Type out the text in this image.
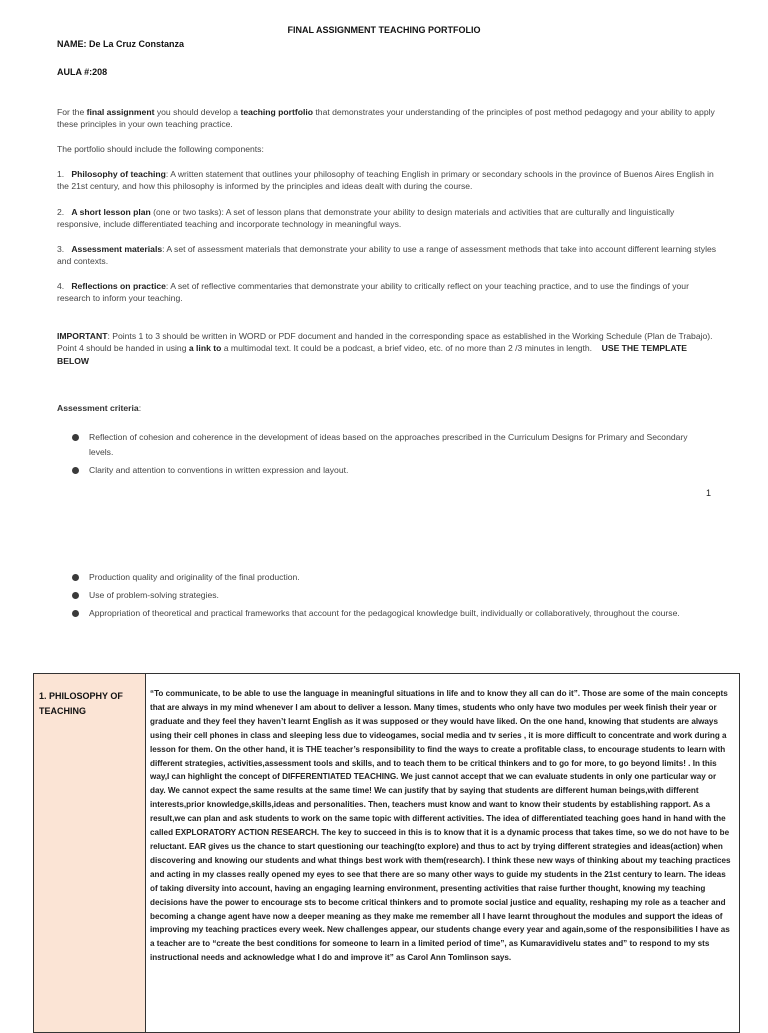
FINAL ASSIGNMENT TEACHING PORTFOLIO
NAME: De La Cruz Constanza
AULA #:208
For the final assignment you should develop a teaching portfolio that demonstrates your understanding of the principles of post method pedagogy and your ability to apply these principles in your own teaching practice.
The portfolio should include the following components:
1. Philosophy of teaching: A written statement that outlines your philosophy of teaching English in primary or secondary schools in the province of Buenos Aires English in the 21st century, and how this philosophy is informed by the principles and ideas dealt with during the course.
2. A short lesson plan (one or two tasks): A set of lesson plans that demonstrate your ability to design materials and activities that are culturally and linguistically responsive, include differentiated teaching and incorporate technology in meaningful ways.
3. Assessment materials: A set of assessment materials that demonstrate your ability to use a range of assessment methods that take into account different learning styles and contexts.
4. Reflections on practice: A set of reflective commentaries that demonstrate your ability to critically reflect on your teaching practice, and to use the findings of your research to inform your teaching.
IMPORTANT: Points 1 to 3 should be written in WORD or PDF document and handed in the corresponding space as established in the Working Schedule (Plan de Trabajo).
Point 4 should be handed in using a link to a multimodal text. It could be a podcast, a brief video, etc. of no more than 2 /3 minutes in length. USE THE TEMPLATE BELOW
Assessment criteria:
Reflection of cohesion and coherence in the development of ideas based on the approaches prescribed in the Curriculum Designs for Primary and Secondary levels.
Clarity and attention to conventions in written expression and layout.
1
Production quality and originality of the final production.
Use of problem-solving strategies.
Appropriation of theoretical and practical frameworks that account for the pedagogical knowledge built, individually or collaboratively, throughout the course.
1. PHILOSOPHY OF TEACHING
“To communicate, to be able to use the language in meaningful situations in life and to know they all can do it”. Those are some of the main concepts that are always in my mind whenever I am about to deliver a lesson. Many times, students who only have two modules per week finish their year or graduate and they feel they haven’t learnt English as it was supposed or they would have liked. On the one hand, knowing that students are always using their cell phones in class and sleeping less due to videogames, social media and tv series , it is more difficult to concentrate and work during a lesson for them. On the other hand, it is THE teacher’s responsibility to find the ways to create a profitable class, to encourage students to learn with different strategies, activities,assessment tools and skills, and to teach them to be critical thinkers and to go for more, to go beyond limits! . In this way,I can highlight the concept of DIFFERENTIATED TEACHING. We just cannot accept that we can evaluate students in only one particular way or day. We cannot expect the same results at the same time! We can justify that by saying that students are different human beings,with different interests,prior knowledge,skills,ideas and personalities. Then, teachers must know and want to know their students by establishing rapport. As a result,we can plan and ask students to work on the same topic with different activities. The idea of differentiated teaching goes hand in hand with the called EXPLORATORY ACTION RESEARCH. The key to succeed in this is to know that it is a dynamic process that takes time, so we do not have to be reluctant. EAR gives us the chance to start questioning our teaching(to explore) and thus to act by trying different strategies and ideas(action) when discovering and knowing our students and what things best work with them(research). I think these new ways of thinking about my teaching practices and acting in my classes really opened my eyes to see that there are so many other ways to guide my students in the 21st century to learn. The ideas of taking diversity into account, having an engaging learning environment, presenting activities that raise further thought, knowing my teaching decisions have the power to encourage sts to become critical thinkers and to promote social justice and equality, reshaping my role as a teacher and becoming a change agent have now a deeper meaning as they make me remember all I have learnt throughout the modules and support the ideas of improving my teaching practices every week. New challenges appear, our students change every year and again,some of the responsibilities I have as a teacher are to “create the best conditions for someone to learn in a limited period of time”, as Kumaravidivelu states and” to respond to my sts instructional needs and acknowledge what I do and improve it” as Carol Ann Tomlinson says.
